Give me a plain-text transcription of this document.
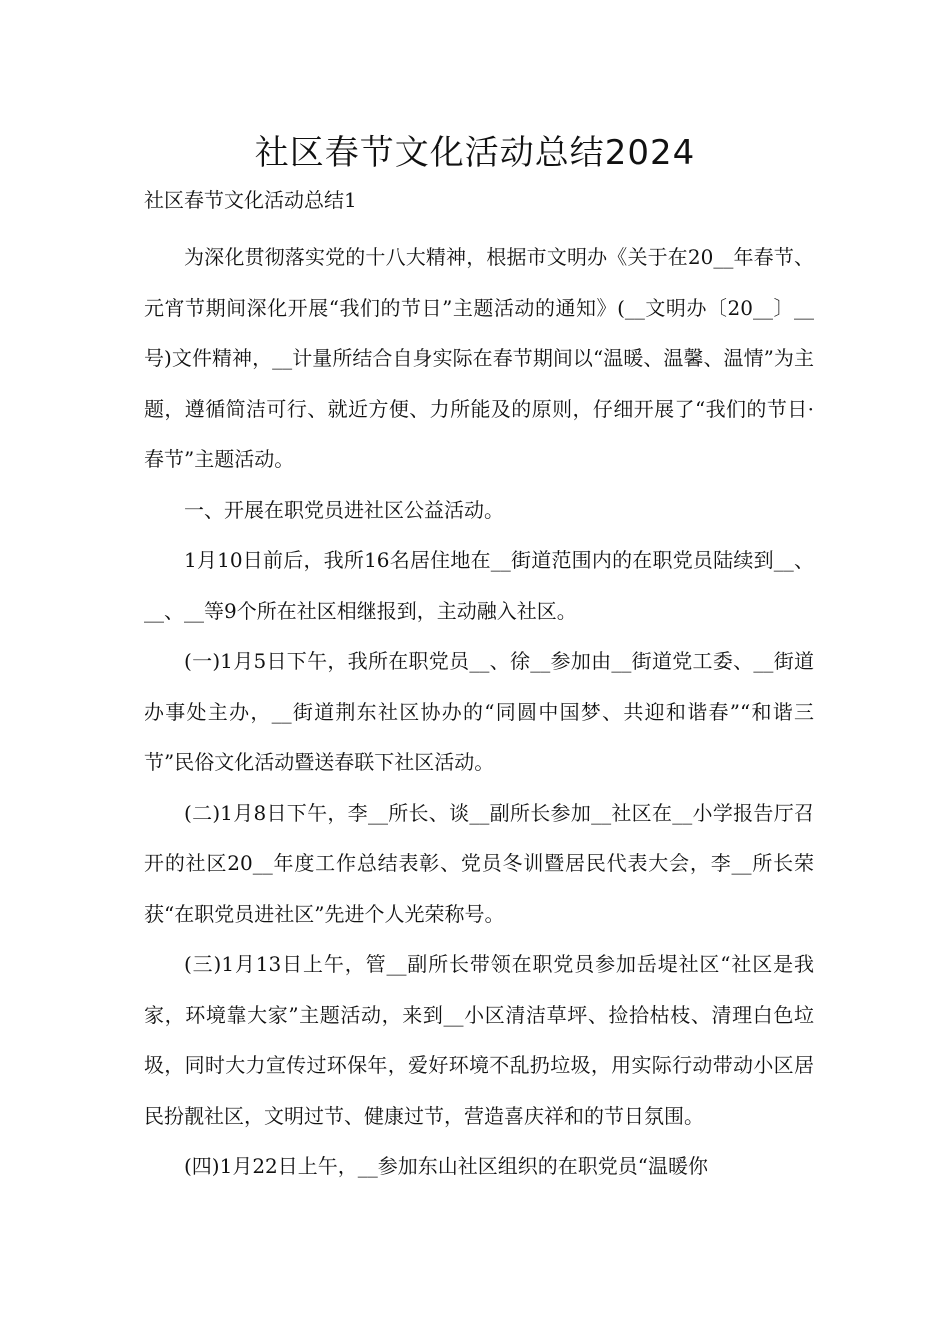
社区春节文化活动总结2024
社区春节文化活动总结1

为深化贯彻落实党的十八大精神，根据市文明办《关于在20__年春节、元宵节期间深化开展“我们的节日”主题活动的通知》(__文明办〔20__〕__号)文件精神，__计量所结合自身实际在春节期间以“温暖、温馨、温情”为主题，遵循简洁可行、就近方便、力所能及的原则，仔细开展了“我们的节日·春节”主题活动。

一、开展在职党员进社区公益活动。

1月10日前后，我所16名居住地在__街道范围内的在职党员陆续到__、__、__等9个所在社区相继报到，主动融入社区。

(一)1月5日下午，我所在职党员__、徐__参加由__街道党工委、__街道办事处主办，__街道荆东社区协办的“同圆中国梦、共迎和谐春”“和谐三节”民俗文化活动暨送春联下社区活动。

(二)1月8日下午，李__所长、谈__副所长参加__社区在__小学报告厅召开的社区20__年度工作总结表彰、党员冬训暨居民代表大会，李__所长荣获“在职党员进社区”先进个人光荣称号。

(三)1月13日上午，管__副所长带领在职党员参加岳堤社区“社区是我家，环境靠大家”主题活动，来到__小区清洁草坪、捡拾枯枝、清理白色垃圾，同时大力宣传过环保年，爱好环境不乱扔垃圾，用实际行动带动小区居民扮靓社区，文明过节、健康过节，营造喜庆祥和的节日氛围。

(四)1月22日上午，__参加东山社区组织的在职党员“温暖你
